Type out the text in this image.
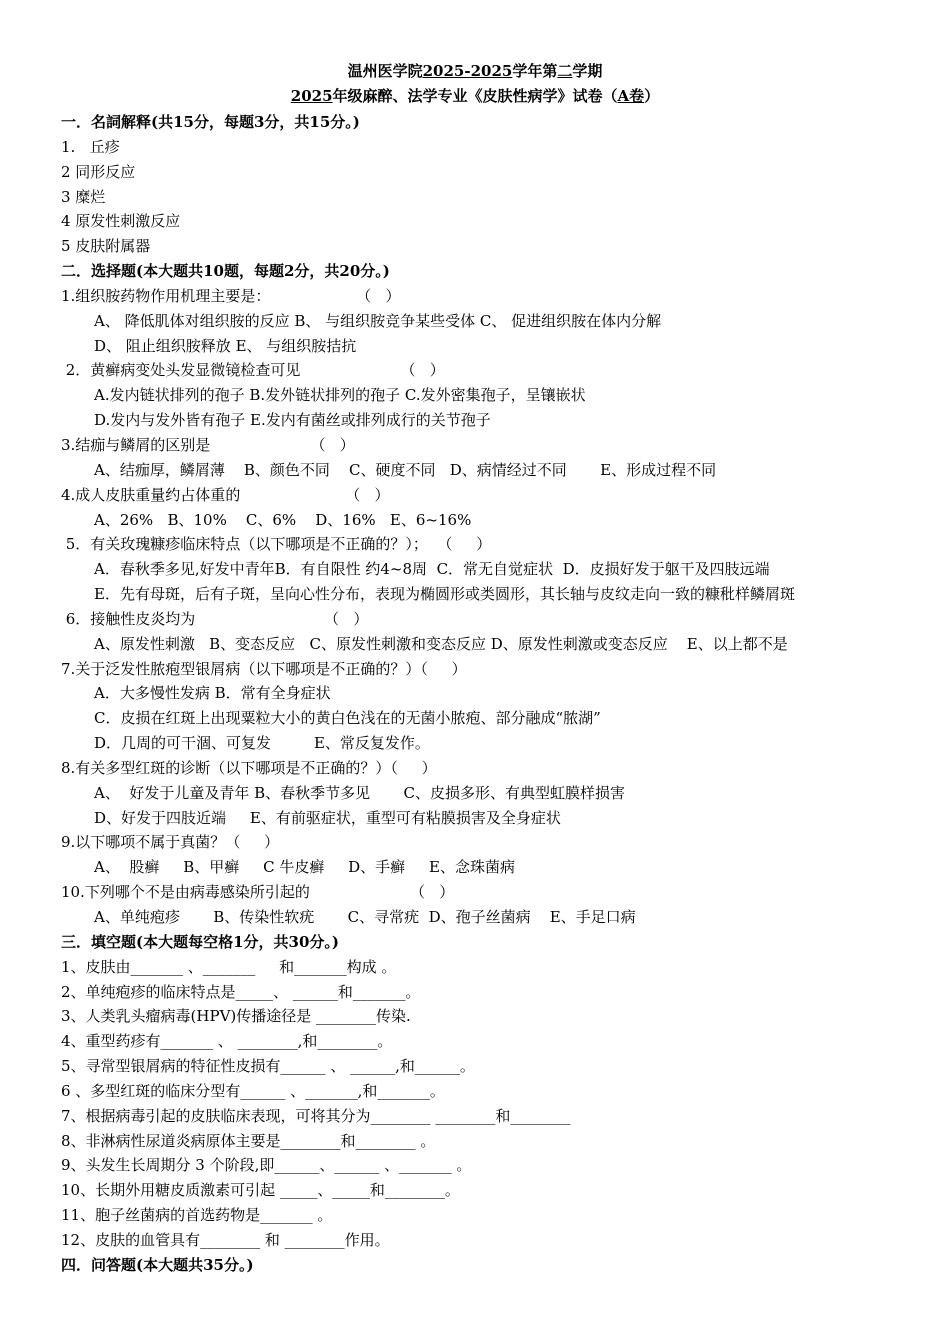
温州医学院2025-2025学年第二学期
2025年级麻醉、法学专业《皮肤性病学》试卷（A卷）
一．名詞解释(共15分，每题3分，共15分。)
1.   丘疹
2 同形反应
3 糜烂
4 原发性刺激反应
5 皮肤附属器
二．选择题(本大题共10题，每题2分，共20分。)
1.组织胺药物作用机理主要是：                  （   ）
A、 降低肌体对组织胺的反应 B、 与组织胺竞争某些受体 C、 促进组织胺在体内分解
D、 阻止组织胺释放 E、 与组织胺拮抗
2．黄癣病变处头发显微镜检查可见                     （   ）
A.发内链状排列的孢子 B.发外链状排列的孢子 C.发外密集孢子，呈镶嵌状
D.发内与发外皆有孢子 E.发内有菌丝或排列成行的关节孢子
3.结痂与鳞屑的区别是                     （   ）
A、结痂厚，鳞屑薄    B、颜色不同    C、硬度不同   D、病情经过不同       E、形成过程不同
4.成人皮肤重量约占体重的                      （   ）
A、26%   B、10%    C、6%    D、16%   E、6~16%
5．有关玫瑰糠疹临床特点（以下哪项是不正确的？）；  （     ）
A．春秋季多见,好发中青年B．有自限性 约4~8周  C．常无自觉症状  D．皮损好发于躯干及四肢远端
E．先有母斑，后有子斑，呈向心性分布，表现为椭圆形或类圆形，其长轴与皮纹走向一致的糠秕样鳞屑斑
6．接触性皮炎均为                           （   ）
A、原发性刺激   B、变态反应   C、原发性刺激和变态反应 D、原发性刺激或变态反应    E、以上都不是
7.关于泛发性脓疱型银屑病（以下哪项是不正确的？）（     ）
A．大多慢性发病 B．常有全身症状
C．皮损在红斑上出现粟粒大小的黄白色浅在的无菌小脓疱、部分融成“脓湖”
D．几周的可干涸、可复发         E、常反复发作。
8.有关多型红斑的诊断（以下哪项是不正确的？）（     ）
A、  好发于儿童及青年 B、春秋季节多见       C、皮损多形、有典型虹膜样损害
D、好发于四肢近端     E、有前驱症状，重型可有粘膜损害及全身症状
9.以下哪项不属于真菌？（     ）
A、  股癣     B、甲癣     C 牛皮癣     D、手癣     E、念珠菌病
10.下列哪个不是由病毒感染所引起的                     （   ）
A、单纯疱疹       B、传染性软疣       C、寻常疣  D、孢子丝菌病    E、手足口病
三．填空题(本大题每空格1分，共30分。)
1、皮肤由_______ 、_______     和_______构成 。
2、单纯疱疹的临床特点是_____、 ______和_______。
3、人类乳头瘤病毒(HPV)传播途径是 ________传染.
4、重型药疹有_______ 、 ________,和________。
5、寻常型银屑病的特征性皮损有______ 、 ______,和______。
6 、多型红斑的临床分型有______ 、_______,和_______。
7、根据病毒引起的皮肤临床表现，可将其分为________ ________和________
8、非淋病性尿道炎病原体主要是________和________ 。
9、头发生长周期分 3 个阶段,即______、______ 、_______ 。
10、长期外用糖皮质激素可引起 _____、_____和________。
11、胞子丝菌病的首选药物是_______ 。
12、皮肤的血管具有________ 和 ________作用。
四．问答题(本大题共35分。)
